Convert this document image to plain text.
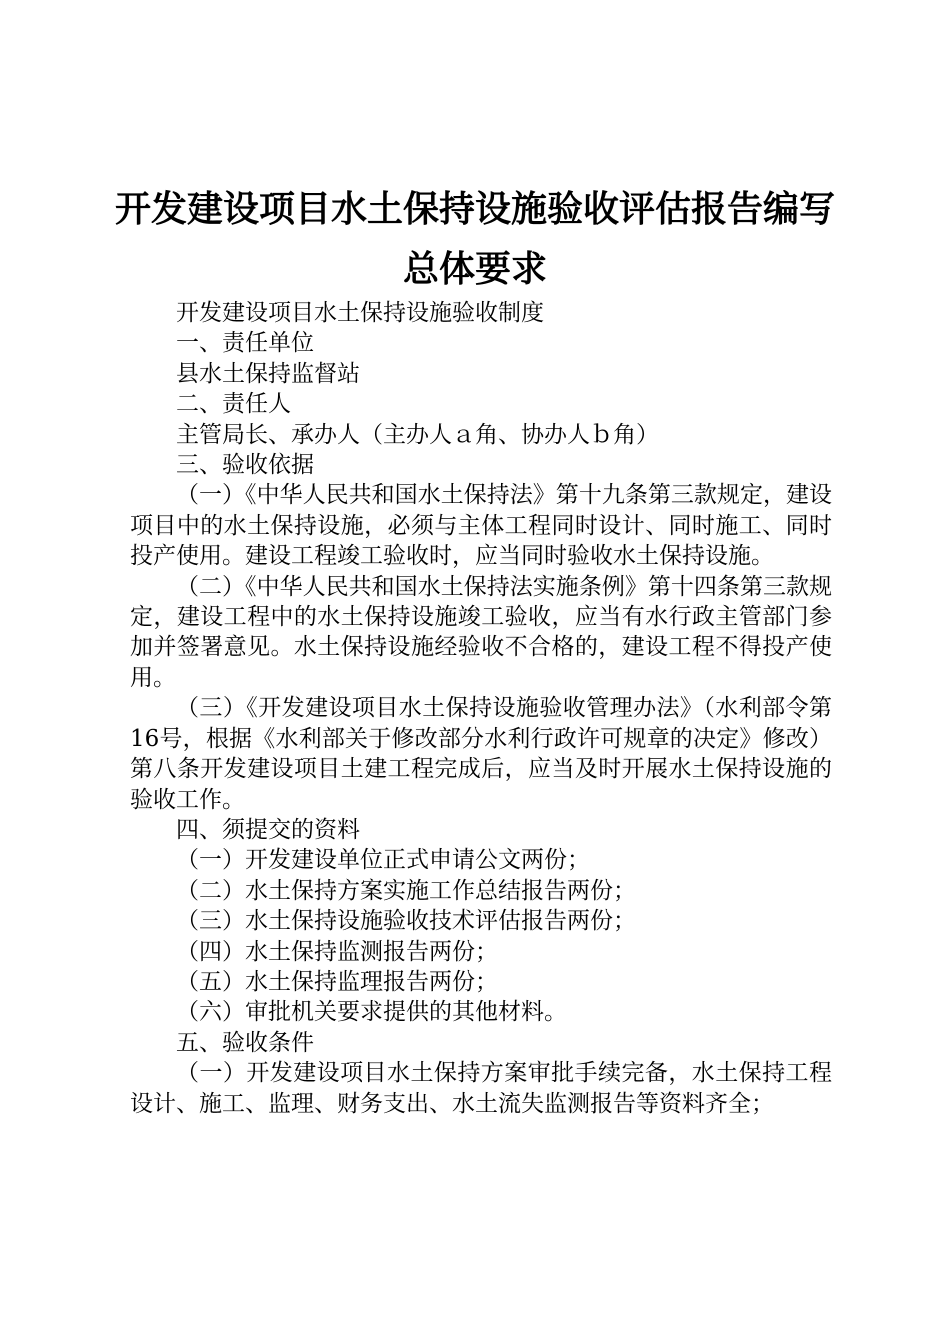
开发建设项目水土保持设施验收评估报告编写
总体要求

开发建设项目水土保持设施验收制度

一、责任单位

县水土保持监督站

二、责任人

主管局长、承办人（主办人ａ角、协办人ｂ角）

三、验收依据

（一）《中华人民共和国水土保持法》第十九条第三款规定，建设项目中的水土保持设施，必须与主体工程同时设计、同时施工、同时投产使用。建设工程竣工验收时，应当同时验收水土保持设施。

（二）《中华人民共和国水土保持法实施条例》第十四条第三款规定，建设工程中的水土保持设施竣工验收，应当有水行政主管部门参加并签署意见。水土保持设施经验收不合格的，建设工程不得投产使用。

（三）《开发建设项目水土保持设施验收管理办法》（水利部令第16号，根据《水利部关于修改部分水利行政许可规章的决定》修改）第八条开发建设项目土建工程完成后，应当及时开展水土保持设施的验收工作。

四、须提交的资料

（一）开发建设单位正式申请公文两份；

（二）水土保持方案实施工作总结报告两份；

（三）水土保持设施验收技术评估报告两份；

（四）水土保持监测报告两份；

（五）水土保持监理报告两份；

（六）审批机关要求提供的其他材料。

五、验收条件

（一）开发建设项目水土保持方案审批手续完备，水土保持工程设计、施工、监理、财务支出、水土流失监测报告等资料齐全；
